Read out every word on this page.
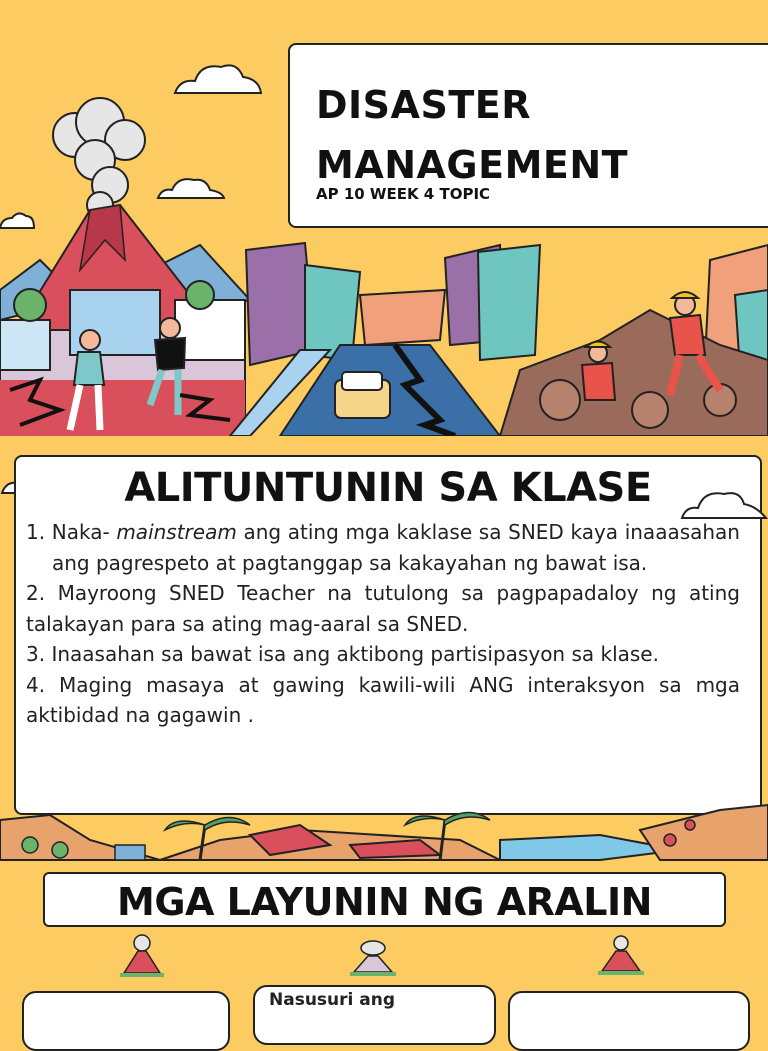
DISASTER
MANAGEMENT
AP 10 WEEK 4 TOPIC
ALITUNTUNIN SA KLASE

1. Naka- mainstream ang ating mga kaklase sa SNED kaya inaaasahan ang pagrespeto at pagtanggap sa kakayahan ng bawat isa.

2. Mayroong SNED Teacher na tutulong sa pagpapadaloy ng ating talakayan para sa ating mag-aaral sa SNED.

3. Inaasahan sa bawat isa ang aktibong partisipasyon sa klase.

4. Maging masaya at gawing kawili-wili ANG interaksyon sa mga aktibidad na gagawin .

MGA LAYUNIN NG ARALIN
Nasusuri ang
